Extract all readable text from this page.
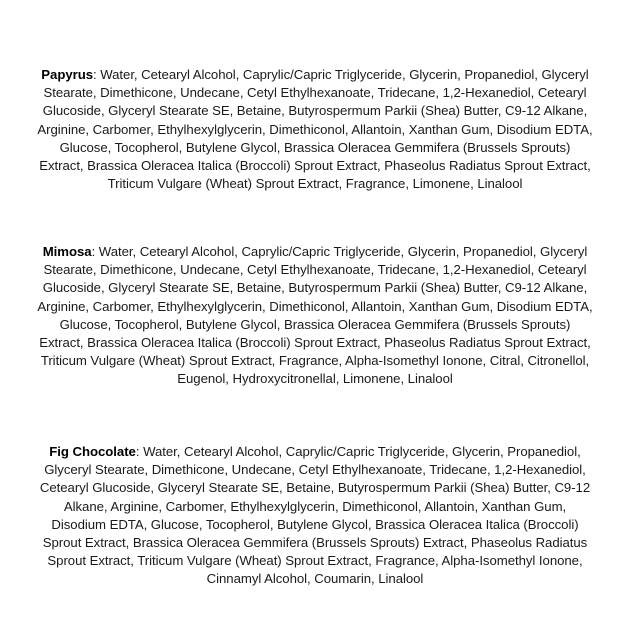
Papyrus: Water, Cetearyl Alcohol, Caprylic/Capric Triglyceride, Glycerin, Propanediol, Glyceryl Stearate, Dimethicone, Undecane, Cetyl Ethylhexanoate, Tridecane, 1,2-Hexanediol, Cetearyl Glucoside, Glyceryl Stearate SE, Betaine, Butyrospermum Parkii (Shea) Butter, C9-12 Alkane, Arginine, Carbomer, Ethylhexylglycerin, Dimethiconol, Allantoin, Xanthan Gum, Disodium EDTA, Glucose, Tocopherol, Butylene Glycol, Brassica Oleracea Gemmifera (Brussels Sprouts) Extract, Brassica Oleracea Italica (Broccoli) Sprout Extract, Phaseolus Radiatus Sprout Extract, Triticum Vulgare (Wheat) Sprout Extract, Fragrance, Limonene, Linalool
Mimosa: Water, Cetearyl Alcohol, Caprylic/Capric Triglyceride, Glycerin, Propanediol, Glyceryl Stearate, Dimethicone, Undecane, Cetyl Ethylhexanoate, Tridecane, 1,2-Hexanediol, Cetearyl Glucoside, Glyceryl Stearate SE, Betaine, Butyrospermum Parkii (Shea) Butter, C9-12 Alkane, Arginine, Carbomer, Ethylhexylglycerin, Dimethiconol, Allantoin, Xanthan Gum, Disodium EDTA, Glucose, Tocopherol, Butylene Glycol, Brassica Oleracea Gemmifera (Brussels Sprouts) Extract, Brassica Oleracea Italica (Broccoli) Sprout Extract, Phaseolus Radiatus Sprout Extract, Triticum Vulgare (Wheat) Sprout Extract, Fragrance, Alpha-Isomethyl Ionone, Citral, Citronellol, Eugenol, Hydroxycitronellal, Limonene, Linalool
Fig Chocolate: Water, Cetearyl Alcohol, Caprylic/Capric Triglyceride, Glycerin, Propanediol, Glyceryl Stearate, Dimethicone, Undecane, Cetyl Ethylhexanoate, Tridecane, 1,2-Hexanediol, Cetearyl Glucoside, Glyceryl Stearate SE, Betaine, Butyrospermum Parkii (Shea) Butter, C9-12 Alkane, Arginine, Carbomer, Ethylhexylglycerin, Dimethiconol, Allantoin, Xanthan Gum, Disodium EDTA, Glucose, Tocopherol, Butylene Glycol, Brassica Oleracea Italica (Broccoli) Sprout Extract, Brassica Oleracea Gemmifera (Brussels Sprouts) Extract, Phaseolus Radiatus Sprout Extract, Triticum Vulgare (Wheat) Sprout Extract, Fragrance, Alpha-Isomethyl Ionone, Cinnamyl Alcohol, Coumarin, Linalool
